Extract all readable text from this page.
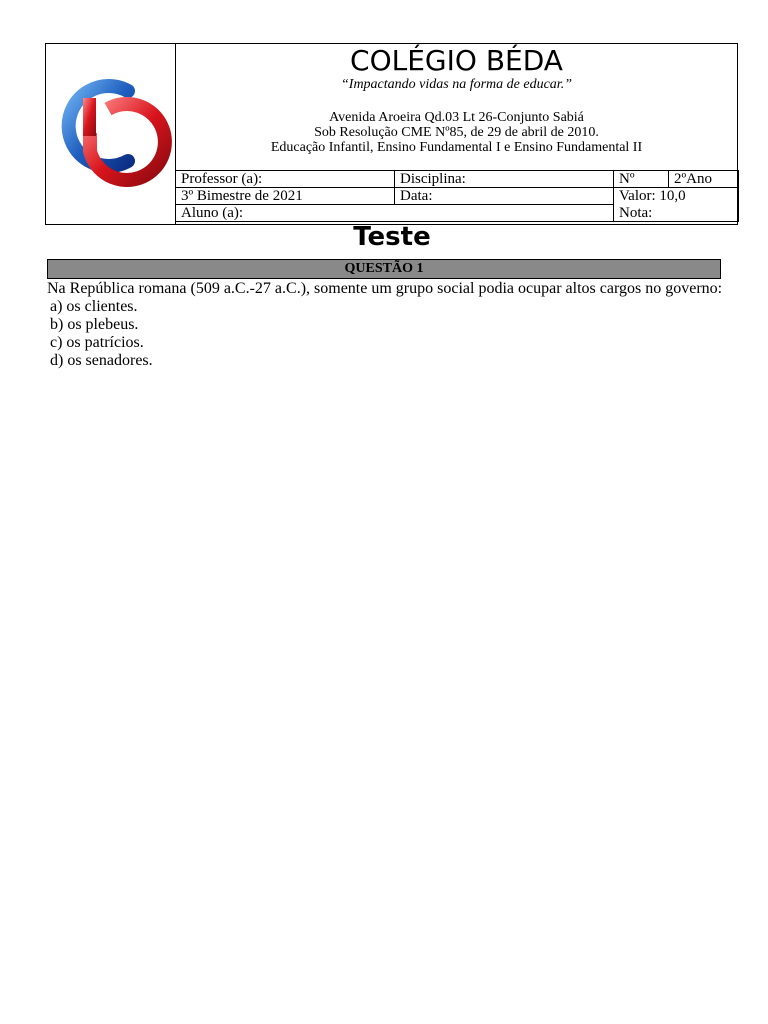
COLÉGIO BÉDA
“Impactando vidas na forma de educar.”
Avenida Aroeira Qd.03 Lt 26-Conjunto Sabiá
Sob Resolução CME Nº85, de 29 de abril de 2010.
Educação Infantil, Ensino Fundamental I e Ensino Fundamental II
Professor (a):	Disciplina:	Nº	2ºAno
3º Bimestre de 2021	Data:	Valor: 10,0	
Aluno (a):		Nota:	
Teste
QUESTÃO 1

Na República romana (509 a.C.-27 a.C.), somente um grupo social podia ocupar altos cargos no governo:

a) os clientes.

b) os plebeus.

c) os patrícios.

d) os senadores.
